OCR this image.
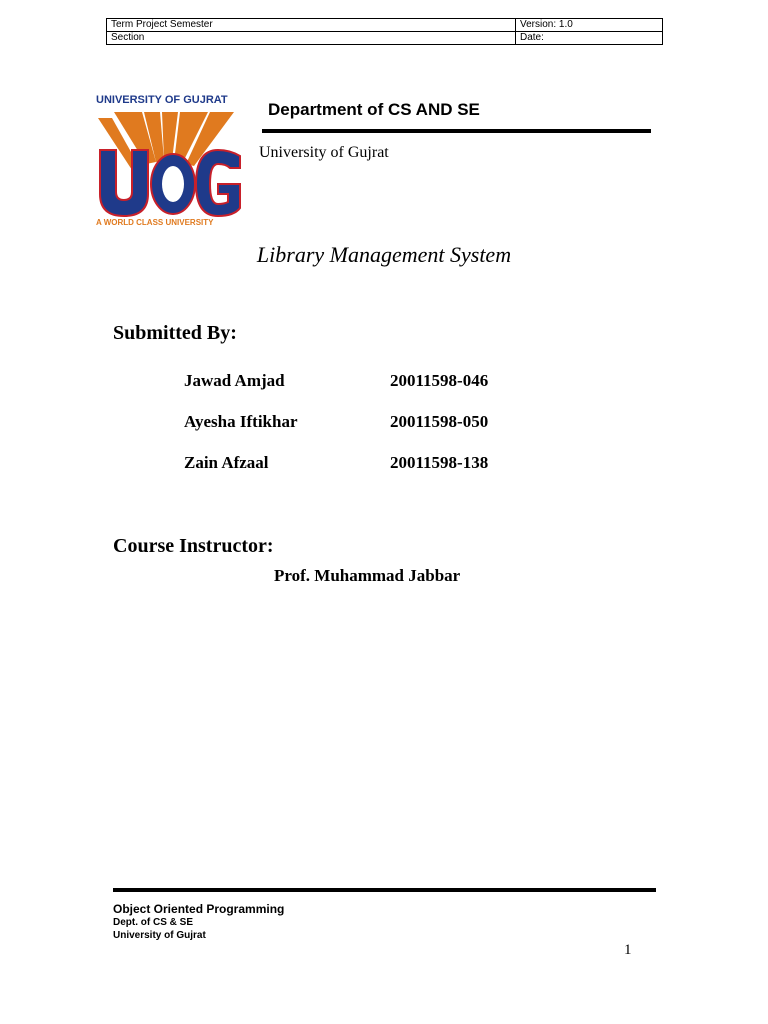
Term Project Semester	Version: 1.0
Section	Date:
UNIVERSITY OF GUJRAT
A WORLD CLASS UNIVERSITY
Department of CS AND SE
University of Gujrat
Library Management System
Submitted By:
Jawad Amjad	20011598-046
Ayesha Iftikhar	20011598-050
Zain Afzaal	20011598-138
Course Instructor:
Prof. Muhammad Jabbar
Object Oriented Programming
Dept. of CS & SE
University of Gujrat
1
